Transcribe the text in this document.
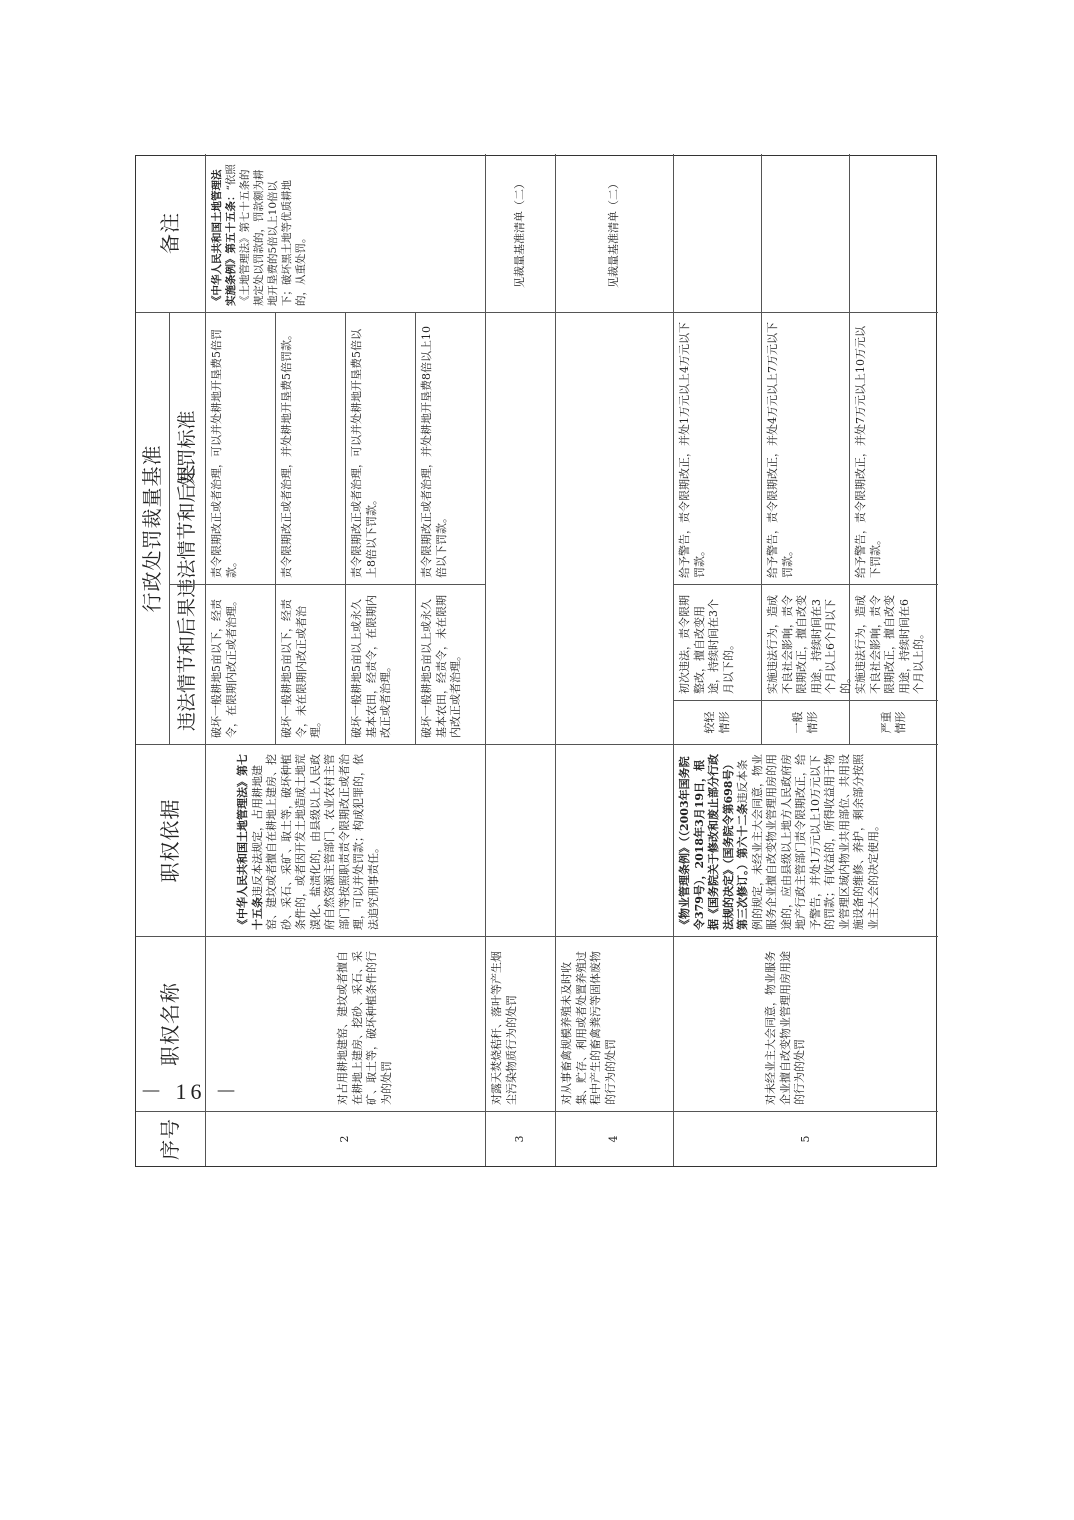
序号
职权名称
职权依据
行政处罚裁量基准 违法情节和后果
备注
违法情节和后果
处罚标准
2
对占用耕地建窑、建坟或者擅自在耕地上建房、挖砂、采石、采矿、取土等，破坏种植条件的行为的处罚
《中华人民共和国土地管理法》第七十五条违反本法规定，占用耕地建窑、建坟或者擅自在耕地上建房、挖砂、采石、采矿、取土等，破坏种植条件的，或者因开发土地造成土地荒漠化、盐渍化的，由县级以上人民政府自然资源主管部门、农业农村主管部门等按照职责责令限期改正或者治理，可以并处罚款；构成犯罪的，依法追究刑事责任。
破坏一般耕地5亩以下，经责令，在限期内改正或者治理。
责令限期改正或者治理，可以并处耕地开垦费5倍罚款。
破坏一般耕地5亩以下，经责令，未在限期内改正或者治理。
责令限期改正或者治理，并处耕地开垦费5倍罚款。
破坏一般耕地5亩以上或永久基本农田，经责令，在限期内改正或者治理。
责令限期改正或者治理，可以并处耕地开垦费5倍以上8倍以下罚款。
破坏一般耕地5亩以上或永久基本农田，经责令，未在限期内改正或者治理。
责令限期改正或者治理，并处耕地开垦费8倍以上10倍以下罚款。
《中华人民共和国土地管理法实施条例》第五十五条：“依照《土地管理法》第七十五条的规定处以罚款的，罚款额为耕地开垦费的5倍以上10倍以下；破坏黑土地等优质耕地的，从重处罚。
3
对露天焚烧秸秆、落叶等产生烟尘污染物质行为的处罚
见裁量基准清单（二）
4
对从事畜禽规模养殖未及时收集、贮存、利用或者处置养殖过程中产生的畜禽粪污等固体废物的行为的处罚
见裁量基准清单（二）
5
对未经业主大会同意，物业服务企业擅自改变物业管理用房用途的行为的处罚
《物业管理条例》（（2003年国务院令379号），2018年3月19日，根据《国务院关于修改和废止部分行政法规的决定》（国务院令第698号）第三次修订。）第六十二条违反本条例的规定，未经业主大会同意，物业服务企业擅自改变物业管理用房的用途的，应由县级以上地方人民政府房地产行政主管部门责令限期改正，给予警告，并处1万元以上10万元以下的罚款；有收益的，所得收益用于物业管理区域内物业共用部位、共用设施设备的维修、养护，剩余部分按照业主大会的决定使用。
较轻情形
初次违法，责令限期整改，擅自改变用途，持续时间在3个月以下的。
给予警告，责令限期改正，并处1万元以上4万元以下罚款。
一般情形
实施违法行为，造成不良社会影响，责令限期改正，擅自改变用途，持续时间在3个月以上6个月以下的。
给予警告，责令限期改正，并处4万元以上7万元以下罚款。
严重情形
实施违法行为，造成不良社会影响，责令限期改正，擅自改变用途，持续时间在6个月以上的。
给予警告，责令限期改正，并处7万元以上10万元以下罚款。
－ 16 －
